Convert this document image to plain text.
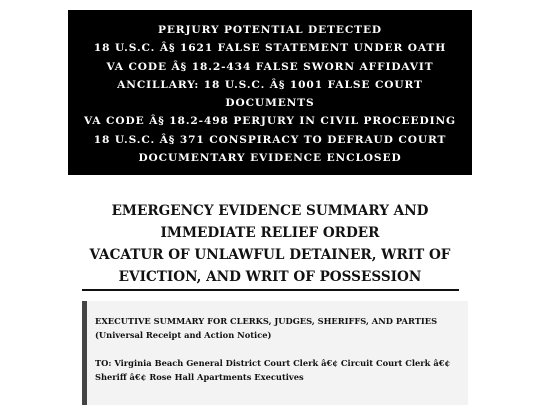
PERJURY POTENTIAL DETECTED
18 U.S.C. Â§ 1621 FALSE STATEMENT UNDER OATH
VA CODE Â§ 18.2-434 FALSE SWORN AFFIDAVIT
ANCILLARY: 18 U.S.C. Â§ 1001 FALSE COURT
DOCUMENTS
VA CODE Â§ 18.2-498 PERJURY IN CIVIL PROCEEDING
18 U.S.C. Â§ 371 CONSPIRACY TO DEFRAUD COURT
DOCUMENTARY EVIDENCE ENCLOSED
EMERGENCY EVIDENCE SUMMARY AND
IMMEDIATE RELIEF ORDER
VACATUR OF UNLAWFUL DETAINER, WRIT OF
EVICTION, AND WRIT OF POSSESSION

EXECUTIVE SUMMARY FOR CLERKS, JUDGES, SHERIFFS, AND PARTIES
(Universal Receipt and Action Notice)

TO: Virginia Beach General District Court Clerk â€¢ Circuit Court Clerk â€¢
Sheriff â€¢ Rose Hall Apartments Executives
